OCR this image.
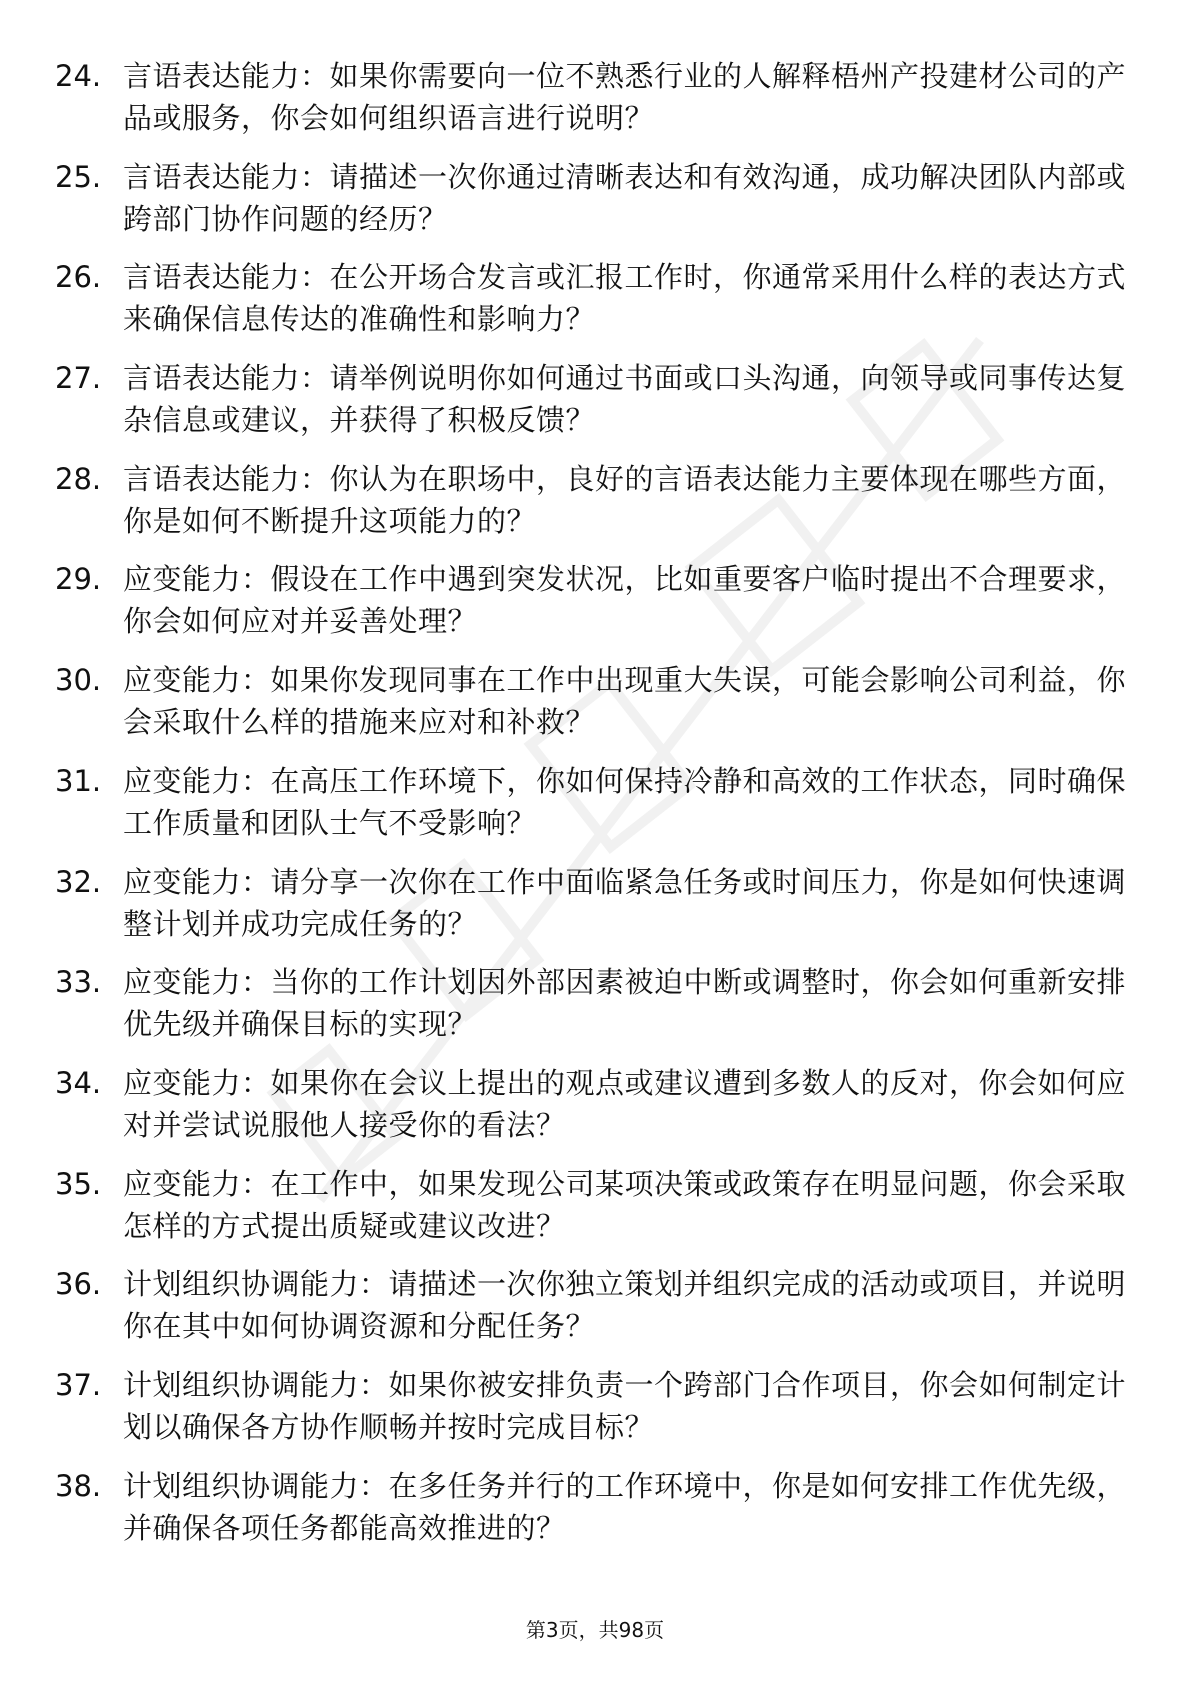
24. 言语表达能力：如果你需要向一位不熟悉行业的人解释梧州产投建材公司的产品或服务，你会如何组织语言进行说明？
25. 言语表达能力：请描述一次你通过清晰表达和有效沟通，成功解决团队内部或跨部门协作问题的经历？
26. 言语表达能力：在公开场合发言或汇报工作时，你通常采用什么样的表达方式来确保信息传达的准确性和影响力？
27. 言语表达能力：请举例说明你如何通过书面或口头沟通，向领导或同事传达复杂信息或建议，并获得了积极反馈？
28. 言语表达能力：你认为在职场中，良好的言语表达能力主要体现在哪些方面，你是如何不断提升这项能力的？
29. 应变能力：假设在工作中遇到突发状况，比如重要客户临时提出不合理要求，你会如何应对并妥善处理？
30. 应变能力：如果你发现同事在工作中出现重大失误，可能会影响公司利益，你会采取什么样的措施来应对和补救？
31. 应变能力：在高压工作环境下，你如何保持冷静和高效的工作状态，同时确保工作质量和团队士气不受影响？
32. 应变能力：请分享一次你在工作中面临紧急任务或时间压力，你是如何快速调整计划并成功完成任务的？
33. 应变能力：当你的工作计划因外部因素被迫中断或调整时，你会如何重新安排优先级并确保目标的实现？
34. 应变能力：如果你在会议上提出的观点或建议遭到多数人的反对，你会如何应对并尝试说服他人接受你的看法？
35. 应变能力：在工作中，如果发现公司某项决策或政策存在明显问题，你会采取怎样的方式提出质疑或建议改进？
36. 计划组织协调能力：请描述一次你独立策划并组织完成的活动或项目，并说明你在其中如何协调资源和分配任务？
37. 计划组织协调能力：如果你被安排负责一个跨部门合作项目，你会如何制定计划以确保各方协作顺畅并按时完成目标？
38. 计划组织协调能力：在多任务并行的工作环境中，你是如何安排工作优先级，并确保各项任务都能高效推进的？
第3页，共98页
